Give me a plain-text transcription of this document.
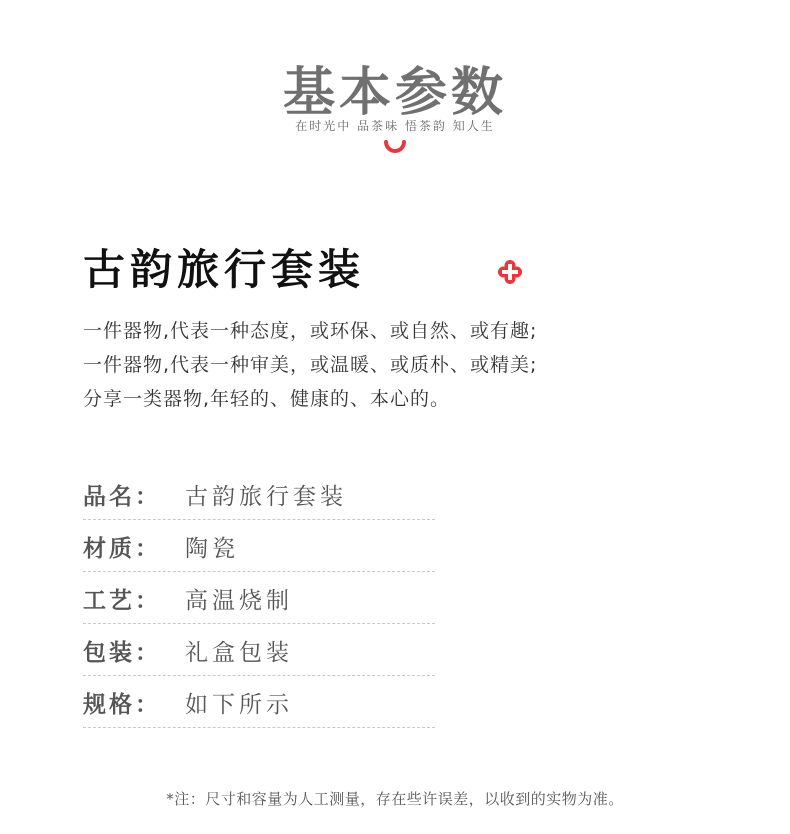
基本参数
在时光中 品茶味 悟茶韵 知人生
古韵旅行套装
一件器物,代表一种态度，或环保、或自然、或有趣;
一件器物,代表一种审美，或温暖、或质朴、或精美;
分享一类器物,年轻的、健康的、本心的。
品名：	古韵旅行套装
材质：	陶瓷
工艺：	高温烧制
包装：	礼盒包装
规格：	如下所示
*注：尺寸和容量为人工测量，存在些许误差，以收到的实物为准。
